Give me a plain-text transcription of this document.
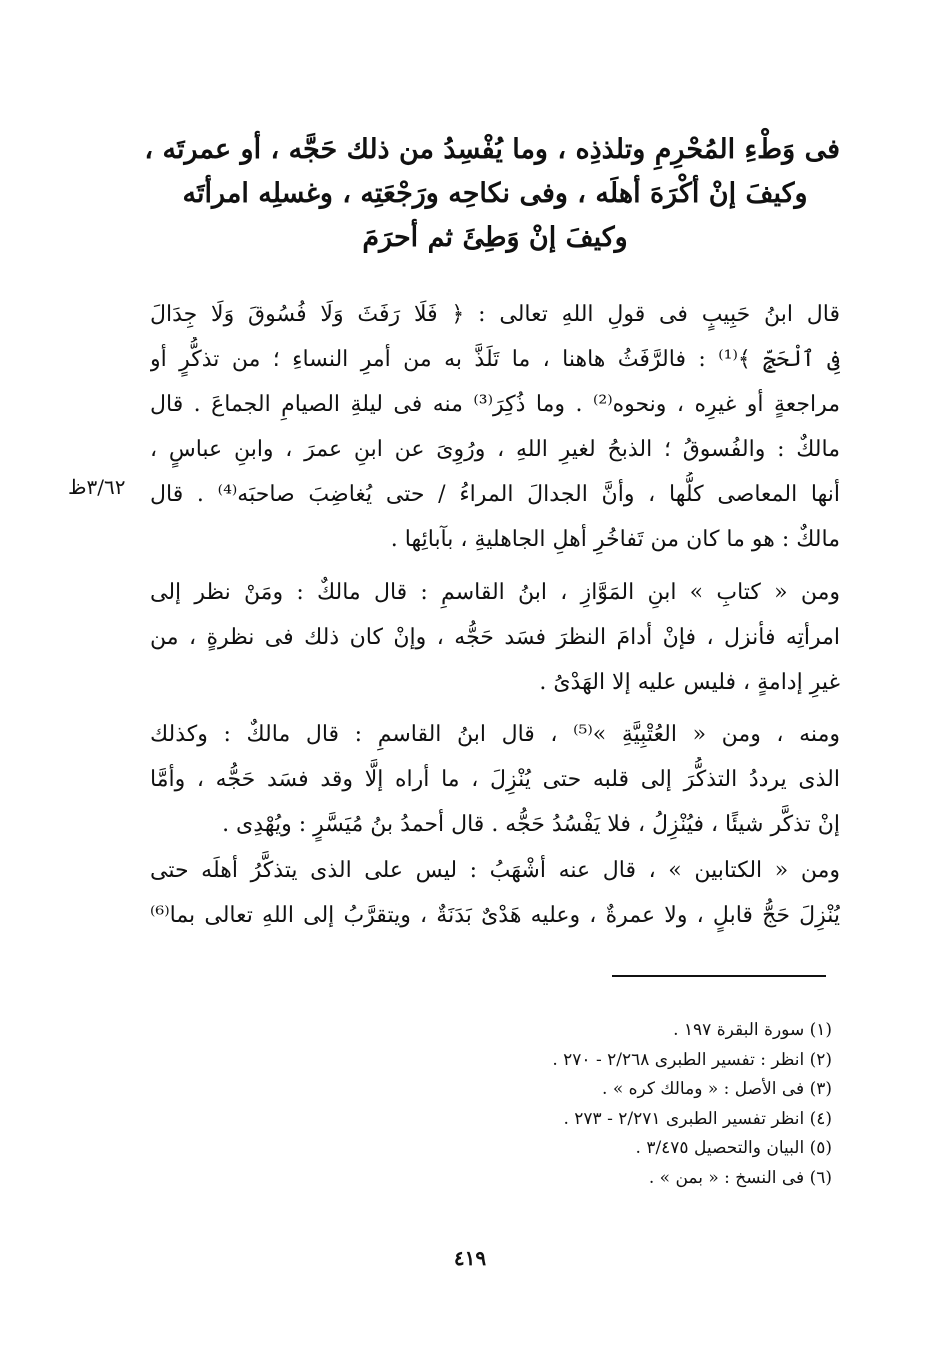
فى وَطْءِ المُحْرِمِ وتلذذِه ، وما يُفْسِدُ من ذلك حَجَّه ، أو عمرتَه ،
وكيفَ إنْ أكْرَهَ أهلَه ، وفى نكاحِه ورَجْعَتِه ، وغسلِه امرأتَه
وكيفَ إنْ وَطِئَ ثم أحرَمَ
قال ابنُ حَبِيبٍ فى قولِ اللهِ تعالى : ﴿ فَلَا رَفَثَ وَلَا فُسُوقَ وَلَا جِدَالَ
فِى ٱلْحَجِّ ﴾⁽¹⁾ : فالرَّفَثُ هاهنا ، ما تَلَذَّ به من أمرِ النساءِ ؛ من تذكُّرٍ أو
مراجعةٍ أو غيرِه ، ونحوه⁽²⁾ . وما ذُكِرَ⁽³⁾ منه فى ليلةِ الصيامِ الجماعَ . قال
مالكٌ : والفُسوقُ ؛ الذبحُ لغيرِ اللهِ ، ورُوِىَ عن ابنِ عمرَ ، وابنِ عباسٍ ،
أنها المعاصى كلُّها ، وأنَّ الجدالَ المراءُ / حتى يُغاضِبَ صاحبَه⁽⁴⁾ . قال
مالكٌ : هو ما كان من تَفاخُرِ أهلِ الجاهليةِ ، بآبائِها .
٣/٦٢ظ
ومن « كتابِ » ابنِ المَوَّازِ ، ابنُ القاسمِ : قال مالكٌ : ومَنْ نظر إلى
امرأتِه فأنزل ، فإنْ أدامَ النظرَ فسَد حَجُّه ، وإنْ كان ذلك فى نظرةٍ ، من
غيرِ إدامةٍ ، فليس عليه إلا الهَدْىُ .
ومنه ، ومن « العُتْبِيَّةِ »⁽⁵⁾ ، قال ابنُ القاسمِ : قال مالكٌ : وكذلك
الذى يرددُ التذكُّرَ إلى قلبه حتى يُنْزِلَ ، ما أراه إلَّا وقد فسَد حَجُّه ، وأمَّا
إنْ تذكَّر شيئًا ، فيُنْزِلُ ، فلا يَفْسُدُ حَجُّه . قال أحمدُ بنُ مُيَسَّرٍ : ويُهْدِى .
ومن « الكتابين » ، قال عنه أشْهَبُ : ليس على الذى يتذكَّرُ أهلَه حتى
يُنْزِلَ حَجُّ قابلٍ ، ولا عمرةٌ ، وعليه هَدْىٌ بَدَنَةٌ ، ويتقرَّبُ إلى اللهِ تعالى بما⁽⁶⁾
(١) سورة البقرة ١٩٧ .
(٢) انظر : تفسير الطبرى ٢/٢٦٨ - ٢٧٠ .
(٣) فى الأصل : « ومالك كره » .
(٤) انظر تفسير الطبرى ٢/٢٧١ - ٢٧٣ .
(٥) البيان والتحصيل ٣/٤٧٥ .
(٦) فى النسخ : « بمن » .
٤١٩
